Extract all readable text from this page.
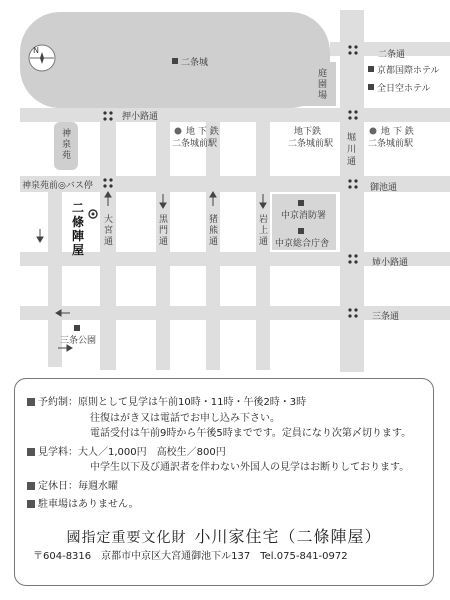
N
二条城
庭
園
場
二条通
京都国際ホテル
全日空ホテル
押小路通
神
泉
苑
地 下 鉄
二条城前駅
地下鉄
二条城前駅
堀
川
通
地 下 鉄
二条城前駅
神泉苑前◎バス停	御池通
二
條
陣
屋
大
宮
通
黒
門
通
猪
熊
通
岩
上
通
中京消防署
中京総合庁舎
姉小路通
三条通
三条公園
予約制： 原則として見学は午前10時・11時・午後2時・3時
往復はがき又は電話でお申し込み下さい。
電話受付は午前9時から午後5時までです。定員になり次第〆切ります。
見学料： 大人／1,000円　高校生／800円
中学生以下及び通訳者を伴わない外国人の見学はお断りしております。
定休日： 毎週水曜
駐車場はありません。
國指定重要文化財 小川家住宅（二條陣屋）
〒604-8316 京都市中京区大宮通御池下ル137 Tel.075-841-0972
